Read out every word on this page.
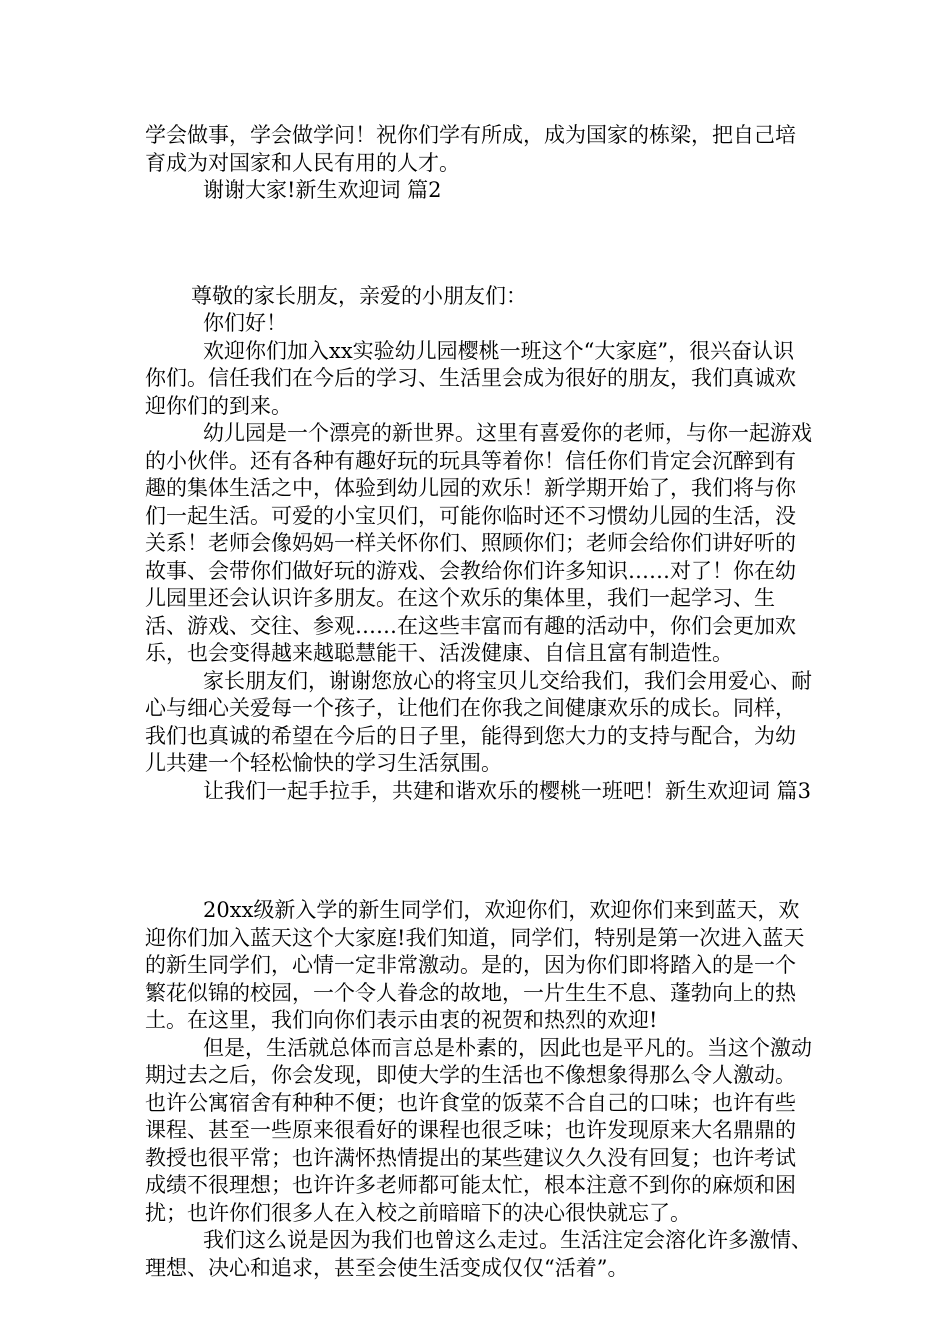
学会做事，学会做学问！祝你们学有所成，成为国家的栋梁，把自己培育成为对国家和人民有用的人才。

谢谢大家!新生欢迎词 篇2

尊敬的家长朋友，亲爱的小朋友们：

你们好！

欢迎你们加入xx实验幼儿园樱桃一班这个“大家庭”，很兴奋认识你们。信任我们在今后的学习、生活里会成为很好的朋友，我们真诚欢迎你们的到来。

幼儿园是一个漂亮的新世界。这里有喜爱你的老师，与你一起游戏的小伙伴。还有各种有趣好玩的玩具等着你！信任你们肯定会沉醉到有趣的集体生活之中，体验到幼儿园的欢乐！新学期开始了，我们将与你们一起生活。可爱的小宝贝们，可能你临时还不习惯幼儿园的生活，没关系！老师会像妈妈一样关怀你们、照顾你们；老师会给你们讲好听的故事、会带你们做好玩的游戏、会教给你们许多知识……对了！你在幼儿园里还会认识许多朋友。在这个欢乐的集体里，我们一起学习、生活、游戏、交往、参观……在这些丰富而有趣的活动中，你们会更加欢乐，也会变得越来越聪慧能干、活泼健康、自信且富有制造性。

家长朋友们，谢谢您放心的将宝贝儿交给我们，我们会用爱心、耐心与细心关爱每一个孩子，让他们在你我之间健康欢乐的成长。同样，我们也真诚的希望在今后的日子里，能得到您大力的支持与配合，为幼儿共建一个轻松愉快的学习生活氛围。

让我们一起手拉手，共建和谐欢乐的樱桃一班吧！新生欢迎词 篇3

20xx级新入学的新生同学们，欢迎你们，欢迎你们来到蓝天，欢迎你们加入蓝天这个大家庭!我们知道，同学们，特别是第一次进入蓝天的新生同学们，心情一定非常激动。是的，因为你们即将踏入的是一个繁花似锦的校园，一个令人眷念的故地，一片生生不息、蓬勃向上的热土。在这里，我们向你们表示由衷的祝贺和热烈的欢迎!

但是，生活就总体而言总是朴素的，因此也是平凡的。当这个激动期过去之后，你会发现，即使大学的生活也不像想象得那么令人激动。也许公寓宿舍有种种不便；也许食堂的饭菜不合自己的口味；也许有些课程、甚至一些原来很看好的课程也很乏味；也许发现原来大名鼎鼎的教授也很平常；也许满怀热情提出的某些建议久久没有回复；也许考试成绩不很理想；也许许多老师都可能太忙，根本注意不到你的麻烦和困扰；也许你们很多人在入校之前暗暗下的决心很快就忘了。

我们这么说是因为我们也曾这么走过。生活注定会溶化许多激情、理想、决心和追求，甚至会使生活变成仅仅“活着”。
